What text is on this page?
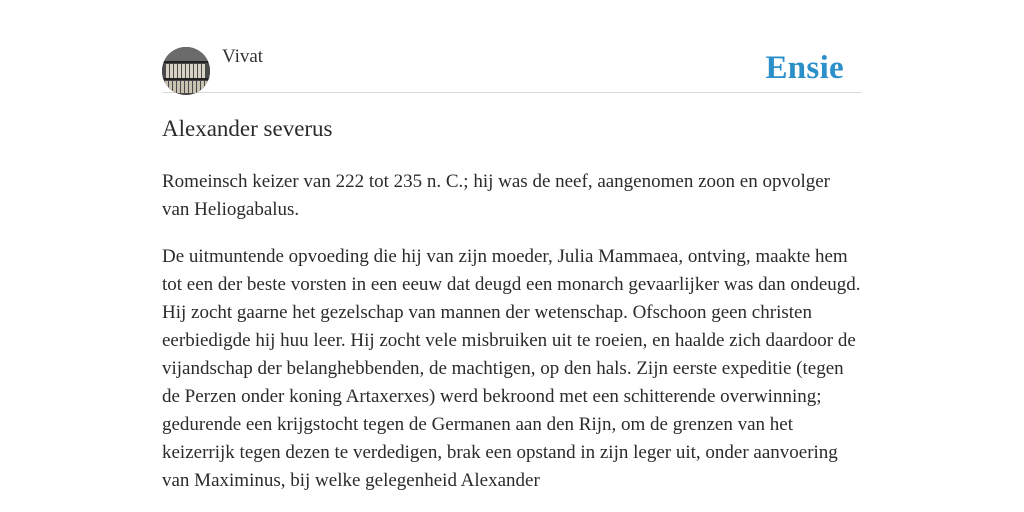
Vivat	Ensie
Alexander severus

Romeinsch keizer van 222 tot 235 n. C.; hij was de neef, aangenomen zoon en opvolger van Heliogabalus.

De uitmuntende opvoeding die hij van zijn moeder, Julia Mammaea, ontving, maakte hem tot een der beste vorsten in een eeuw dat deugd een monarch gevaarlijker was dan ondeugd. Hij zocht gaarne het gezelschap van mannen der wetenschap. Ofschoon geen christen eerbiedigde hij huu leer. Hij zocht vele misbruiken uit te roeien, en haalde zich daardoor de vijandschap der belanghebbenden, de machtigen, op den hals. Zijn eerste expeditie (tegen de Perzen onder koning Artaxerxes) werd bekroond met een schitterende overwinning; gedurende een krijgstocht tegen de Germanen aan den Rijn, om de grenzen van het keizerrijk tegen dezen te verdedigen, brak een opstand in zijn leger uit, onder aanvoering van Maximinus, bij welke gelegenheid Alexander
